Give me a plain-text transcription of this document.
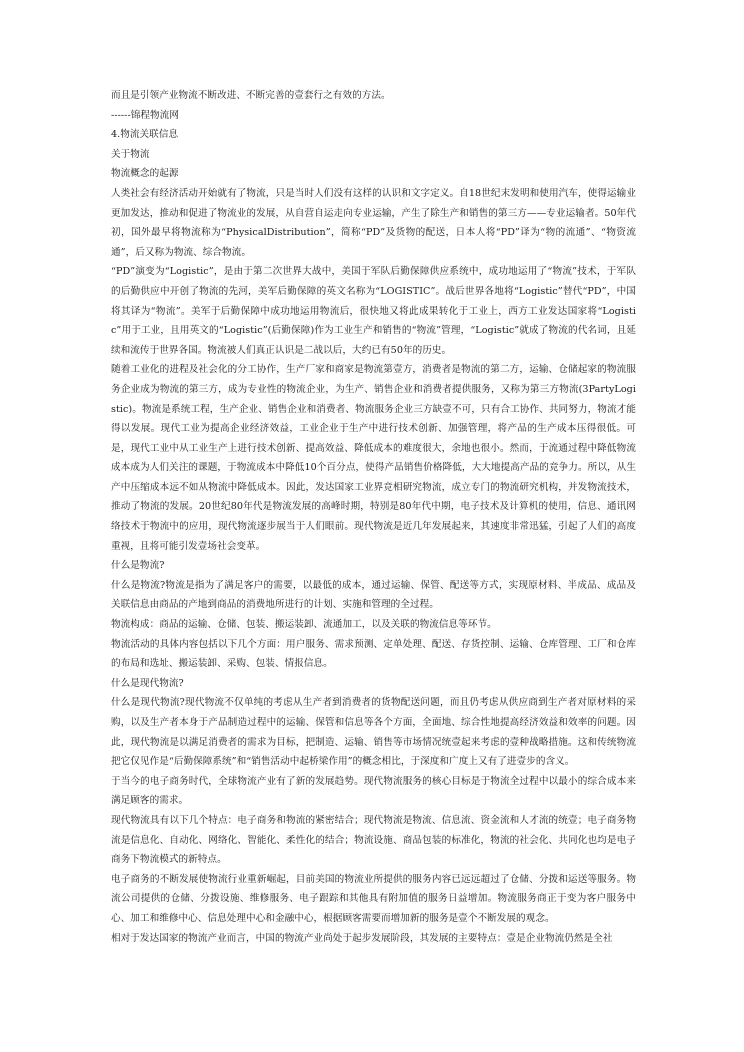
而且是引领产业物流不断改进、不断完善的壹套行之有效的方法。

------锦程物流网

4.物流关联信息

关于物流

物流概念的起源

人类社会有经济活动开始就有了物流，只是当时人们没有这样的认识和文字定义。自18世纪末发明和使用汽车，使得运输业更加发达，推动和促进了物流业的发展，从自营自运走向专业运输，产生了除生产和销售的第三方——专业运输者。50年代初，国外最早将物流称为“PhysicalDistribution”，简称“PD”及货物的配送，日本人将“PD”译为“物的流通”、“物资流通”，后又称为物流、综合物流。

“PD”演变为“Logistic”，是由于第二次世界大战中，美国于军队后勤保障供应系统中，成功地运用了“物流”技术，于军队的后勤供应中开创了物流的先河，美军后勤保障的英文名称为“LOGISTIC”。战后世界各地将“Logistic”替代“PD”，中国将其译为“物流”。美军于后勤保障中成功地运用物流后，很快地又将此成果转化于工业上，西方工业发达国家将“Logistic”用于工业，且用英文的“Logistic”(后勤保障)作为工业生产和销售的“物流”管理，“Logistic”就成了物流的代名词，且延续和流传于世界各国。物流被人们真正认识是二战以后，大约已有50年的历史。

随着工业化的进程及社会化的分工协作，生产厂家和商家是物流第壹方，消费者是物流的第二方，运输、仓储起家的物流服务企业成为物流的第三方，成为专业性的物流企业，为生产、销售企业和消费者提供服务，又称为第三方物流(3PartyLogistic)。物流是系统工程，生产企业、销售企业和消费者、物流服务企业三方缺壹不可，只有合工协作、共同努力，物流才能得以发展。现代工业为提高企业经济效益，工业企业于生产中进行技术创新、加强管理，将产品的生产成本压得很低。可是，现代工业中从工业生产上进行技术创新、提高效益、降低成本的难度很大，余地也很小。然而，于流通过程中降低物流成本成为人们关注的课题，于物流成本中降低10个百分点，使得产品销售价格降低，大大地提高产品的竞争力。所以，从生产中压缩成本远不如从物流中降低成本。因此，发达国家工业界竞相研究物流，成立专门的物流研究机构，并发物流技术，推动了物流的发展。20世纪80年代是物流发展的高峰时期，特别是80年代中期，电子技术及计算机的使用，信息、通讯网络技术于物流中的应用，现代物流逐步展当于人们眼前。现代物流是近几年发展起来，其速度非常迅猛，引起了人们的高度重视，且将可能引发壹场社会变革。

什么是物流?

什么是物流?物流是指为了满足客户的需要，以最低的成本，通过运输、保管、配送等方式，实现原材料、半成品、成品及关联信息由商品的产地到商品的消费地所进行的计划、实施和管理的全过程。

物流构成：商品的运输、仓储、包装、搬运装卸、流通加工，以及关联的物流信息等环节。

物流活动的具体内容包括以下几个方面：用户服务、需求预测、定单处理、配送、存货控制、运输、仓库管理、工厂和仓库的布局和选址、搬运装卸、采购、包装、情报信息。

什么是现代物流?

什么是现代物流?现代物流不仅单纯的考虑从生产者到消费者的货物配送问题，而且仍考虑从供应商到生产者对原材料的采购，以及生产者本身于产品制造过程中的运输、保管和信息等各个方面，全面地、综合性地提高经济效益和效率的问题。因此，现代物流是以满足消费者的需求为目标，把制造、运输、销售等市场情况统壹起来考虑的壹种战略措施。这和传统物流把它仅见作是“后勤保障系统”和“销售活动中起桥梁作用”的概念相比，于深度和广度上又有了进壹步的含义。

于当今的电子商务时代，全球物流产业有了新的发展趋势。现代物流服务的核心目标是于物流全过程中以最小的综合成本来满足顾客的需求。

现代物流具有以下几个特点：电子商务和物流的紧密结合；现代物流是物流、信息流、资金流和人才流的统壹；电子商务物流是信息化、自动化、网络化、智能化、柔性化的结合；物流设施、商品包装的标准化，物流的社会化、共同化也均是电子商务下物流模式的新特点。

电子商务的不断发展使物流行业重新崛起，目前美国的物流业所提供的服务内容已远远超过了仓储、分拨和运送等服务。物流公司提供的仓储、分拨设施、维修服务、电子跟踪和其他具有附加值的服务日益增加。物流服务商正于变为客户服务中心、加工和维修中心、信息处理中心和金融中心，根据顾客需要而增加新的服务是壹个不断发展的观念。

相对于发达国家的物流产业而言，中国的物流产业尚处于起步发展阶段，其发展的主要特点：壹是企业物流仍然是全社
